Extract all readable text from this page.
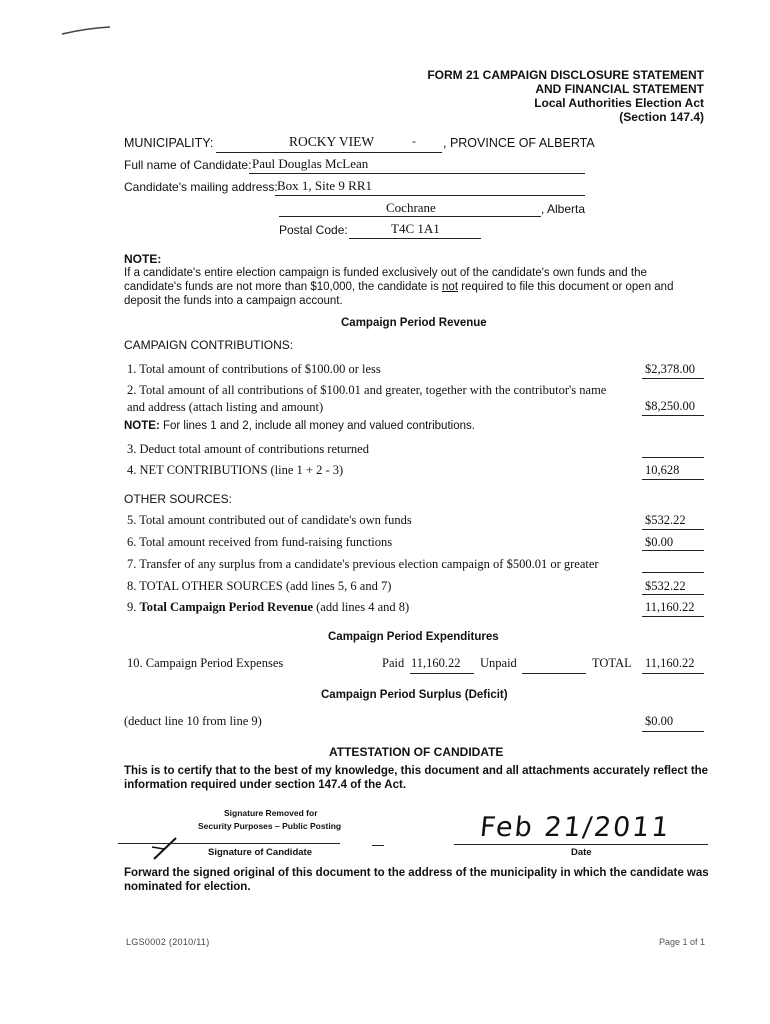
FORM 21 CAMPAIGN DISCLOSURE STATEMENT
AND FINANCIAL STATEMENT
Local Authorities Election Act
(Section 147.4)
MUNICIPALITY:	ROCKY VIEW	- , PROVINCE OF ALBERTA
Full name of Candidate: Paul Douglas McLean
Candidate's mailing address: Box 1, Site 9 RR1
Cochrane	, Alberta
Postal Code:	T4C 1A1
NOTE:
If a candidate's entire election campaign is funded exclusively out of the candidate's own funds and the
candidate's funds are not more than $10,000, the candidate is not required to file this document or open and
deposit the funds into a campaign account.
Campaign Period Revenue
CAMPAIGN CONTRIBUTIONS:
1. Total amount of contributions of $100.00 or less	$2,378.00
2. Total amount of all contributions of $100.01 and greater, together with the contributor's name
and address (attach listing and amount)	$8,250.00
NOTE: For lines 1 and 2, include all money and valued contributions.
3. Deduct total amount of contributions returned
4. NET CONTRIBUTIONS (line 1 + 2 - 3)	10,628
OTHER SOURCES:
5. Total amount contributed out of candidate's own funds	$532.22
6. Total amount received from fund-raising functions	$0.00
7. Transfer of any surplus from a candidate's previous election campaign of $500.01 or greater
8. TOTAL OTHER SOURCES (add lines 5, 6 and 7)	$532.22
9. Total Campaign Period Revenue (add lines 4 and 8)	11,160.22
Campaign Period Expenditures
10. Campaign Period Expenses	Paid 11,160.22 Unpaid	TOTAL 11,160.22
Campaign Period Surplus (Deficit)
(deduct line 10 from line 9)	$0.00
ATTESTATION OF CANDIDATE
This is to certify that to the best of my knowledge, this document and all attachments accurately reflect the
information required under section 147.4 of the Act.
Signature Removed for
Security Purposes – Public Posting
Signature of Candidate
Feb 21/2011
Date
Forward the signed original of this document to the address of the municipality in which the candidate was
nominated for election.
LGS0002 (2010/11)	Page 1 of 1
